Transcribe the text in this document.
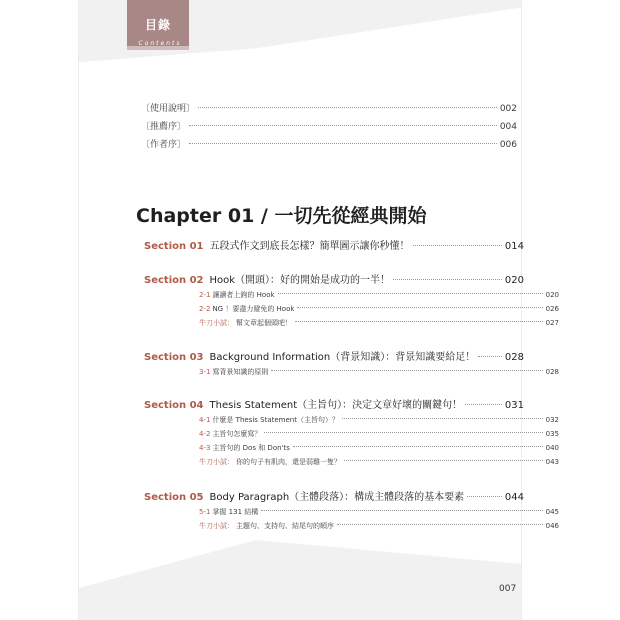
目錄
Contents
〔使用說明〕	002
〔推薦序〕	004
〔作者序〕	006
Chapter 01 / 一切先從經典開始
Section 01 五段式作文到底長怎樣？簡單圖示讓你秒懂！	014
Section 02 Hook（開頭）：好的開始是成功的一半！	020
2-1 讓讀者上鉤的 Hook	020
2-2 NG ！要盡力避免的 Hook	026
牛刀小試： 幫文章起個頭吧！	027
Section 03 Background Information（背景知識）：背景知識要給足！	028
3-1 寫背景知識的原則	028
Section 04 Thesis Statement（主旨句）：決定文章好壞的關鍵句！	031
4-1 什麼是 Thesis Statement（主旨句）？	032
4-2 主旨句怎麼寫？	035
4-3 主旨句的 Dos 和 Don'ts	040
牛刀小試： 你的句子有肌肉，還是弱雞一隻？	043
Section 05 Body Paragraph（主體段落）：構成主體段落的基本要素	044
5-1 掌握 131 結構	045
牛刀小試： 主題句、支持句、結尾句的順序	046
007
